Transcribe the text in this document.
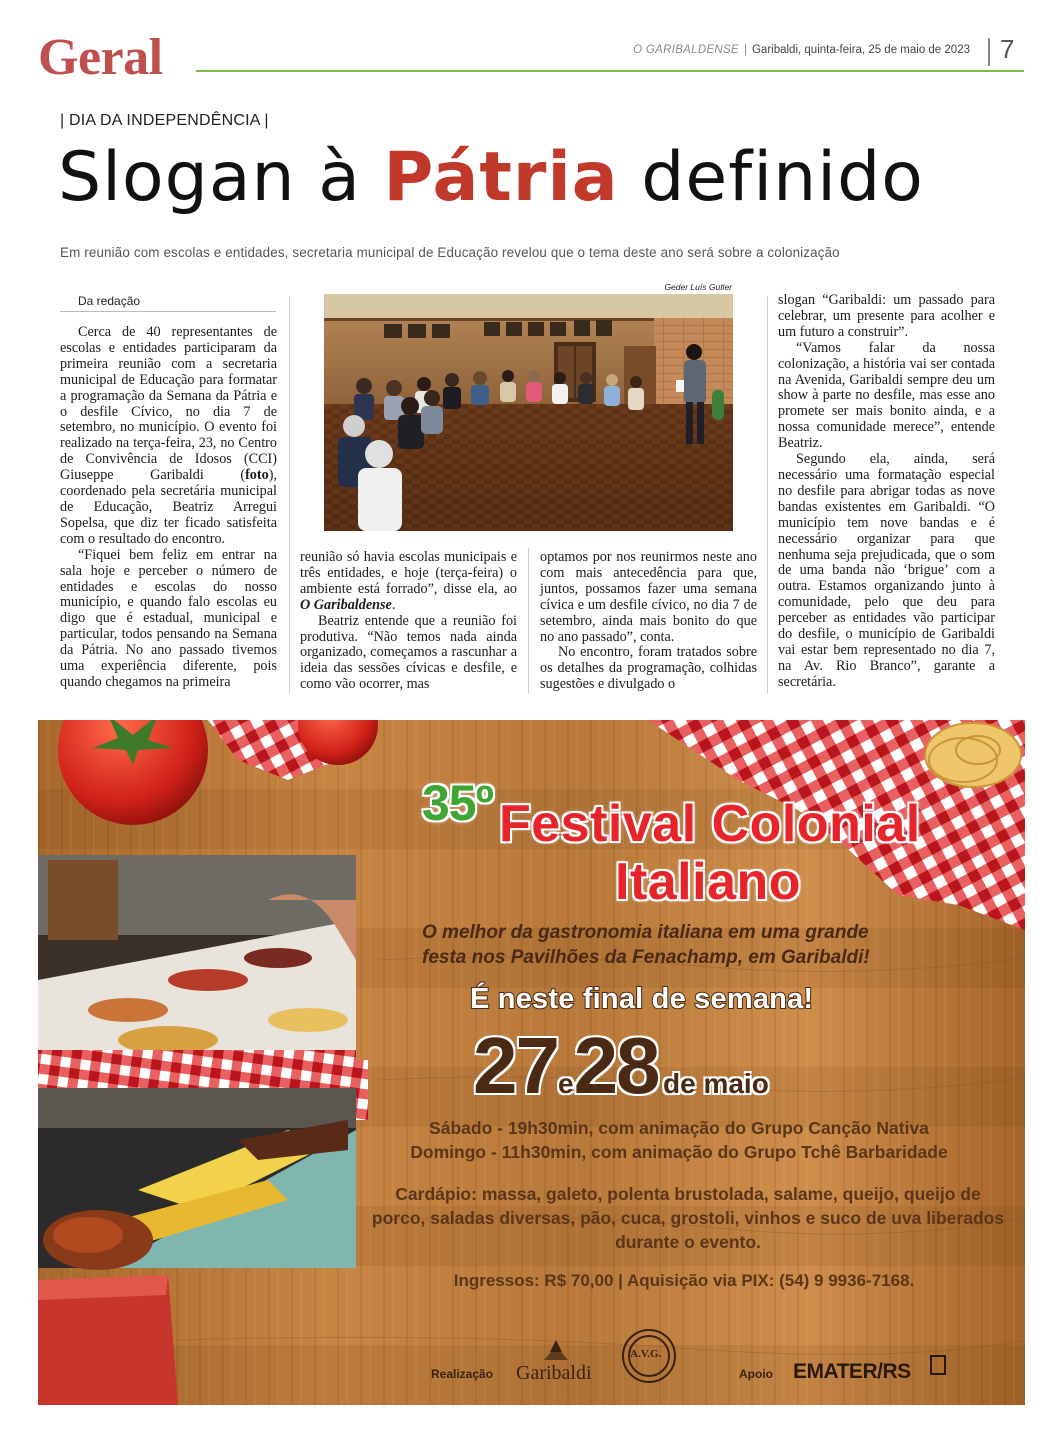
Geral	O GARIBALDENSE | Garibaldi, quinta-feira, 25 de maio de 2023 7
| DIA DA INDEPENDÊNCIA |
Slogan à Pátria definido
Em reunião com escolas e entidades, secretaria municipal de Educação revelou que o tema deste ano será sobre a colonização
Da redação

Cerca de 40 representantes de escolas e entidades participaram da primeira reunião com a secretaria municipal de Educação para formatar a programação da Semana da Pátria e o desfile Cívico, no dia 7 de setembro, no município. O evento foi realizado na terça-feira, 23, no Centro de Convivência de Idosos (CCI) Giuseppe Garibaldi (foto), coordenado pela secretária municipal de Educação, Beatriz Arregui Sopelsa, que diz ter ficado satisfeita com o resultado do encontro.

“Fiquei bem feliz em entrar na sala hoje e perceber o número de entidades e escolas do nosso município, e quando falo escolas eu digo que é estadual, municipal e particular, todos pensando na Semana da Pátria. No ano passado tivemos uma experiência diferente, pois quando chegamos na primeira

Geder Luís Gutler

reunião só havia escolas municipais e três entidades, e hoje (terça-feira) o ambiente está forrado”, disse ela, ao O Garibaldense.

Beatriz entende que a reunião foi produtiva. “Não temos nada ainda organizado, começamos a rascunhar a ideia das sessões cívicas e desfile, e como vão ocorrer, mas

optamos por nos reunirmos neste ano com mais antecedência para que, juntos, possamos fazer uma semana cívica e um desfile cívico, no dia 7 de setembro, ainda mais bonito do que no ano passado”, conta.

No encontro, foram tratados sobre os detalhes da programação, colhidas sugestões e divulgado o

slogan “Garibaldi: um passado para celebrar, um presente para acolher e um futuro a construir”.

“Vamos falar da nossa colonização, a história vai ser contada na Avenida, Garibaldi sempre deu um show à parte no desfile, mas esse ano promete ser mais bonito ainda, e a nossa comunidade merece”, entende Beatriz.

Segundo ela, ainda, será necessário uma formatação especial no desfile para abrigar todas as nove bandas existentes em Garibaldi. “O município tem nove bandas e é necessário organizar para que nenhuma seja prejudicada, que o som de uma banda não ‘brigue’ com a outra. Estamos organizando junto à comunidade, pelo que deu para perceber as entidades vão participar do desfile, o município de Garibaldi vai estar bem representado no dia 7, na Av. Rio Branco”, garante a secretária.

35º Festival Colonial
Italiano
O melhor da gastronomia italiana em uma grande
festa nos Pavilhões da Fenachamp, em Garibaldi!
É neste final de semana!
27e28 de maio
Sábado - 19h30min, com animação do Grupo Canção Nativa
Domingo - 11h30min, com animação do Grupo Tchê Barbaridade
Cardápio: massa, galeto, polenta brustolada, salame, queijo, queijo de porco, saladas diversas, pão, cuca, grostoli, vinhos e suco de uva liberados durante o evento.
Ingressos: R$ 70,00 | Aquisição via PIX: (54) 9 9936-7168.
Realização Garibaldi
A.V.G.
Apoio EMATER/RS
